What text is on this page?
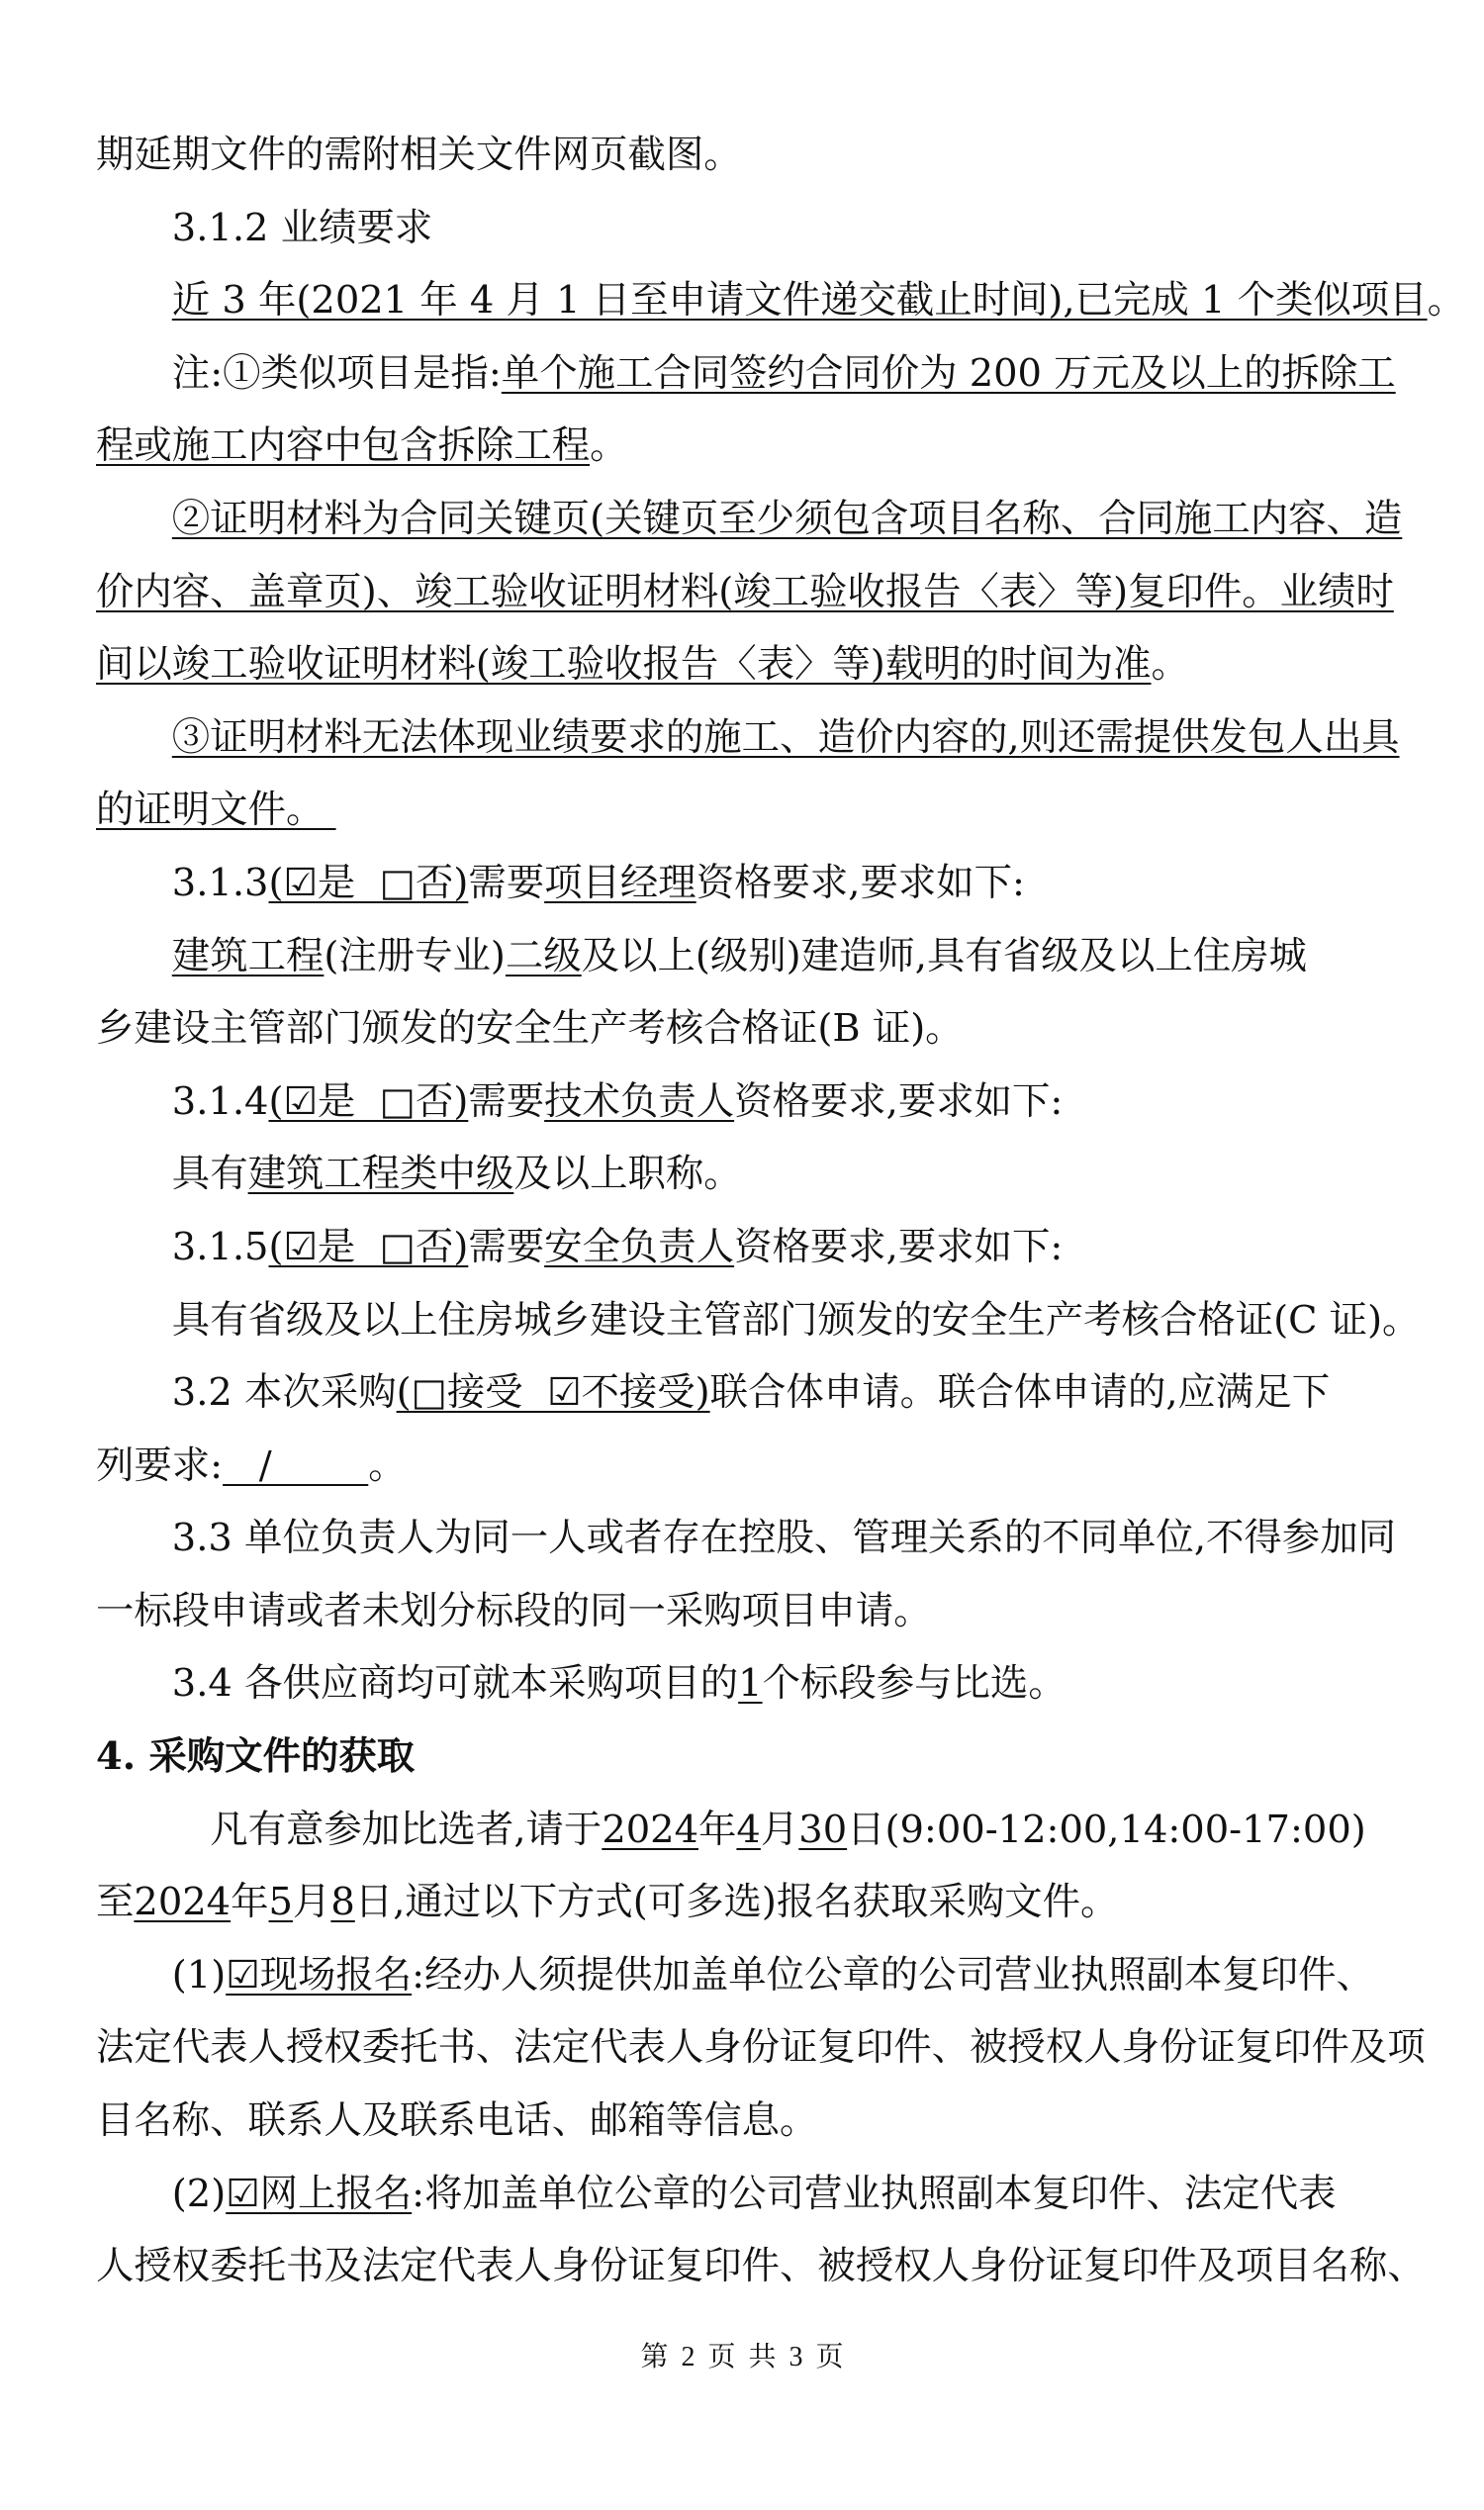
期延期文件的需附相关文件网页截图。
3.1.2 业绩要求
近 3 年(2021 年 4 月 1 日至申请文件递交截止时间),已完成 1 个类似项目。
注:①类似项目是指:单个施工合同签约合同价为 200 万元及以上的拆除工
程或施工内容中包含拆除工程。
②证明材料为合同关键页(关键页至少须包含项目名称、合同施工内容、造
价内容、盖章页)、竣工验收证明材料(竣工验收报告〈表〉等)复印件。业绩时
间以竣工验收证明材料(竣工验收报告〈表〉等)载明的时间为准。
③证明材料无法体现业绩要求的施工、造价内容的,则还需提供发包人出具
的证明文件。
3.1.3(☑是  □否)需要项目经理资格要求,要求如下:
建筑工程(注册专业)二级及以上(级别)建造师,具有省级及以上住房城
乡建设主管部门颁发的安全生产考核合格证(B 证)。
3.1.4(☑是  □否)需要技术负责人资格要求,要求如下:
具有建筑工程类中级及以上职称。
3.1.5(☑是  □否)需要安全负责人资格要求,要求如下:
具有省级及以上住房城乡建设主管部门颁发的安全生产考核合格证(C 证)。
3.2 本次采购(□接受  ☑不接受)联合体申请。联合体申请的,应满足下
列要求:   /        。
3.3 单位负责人为同一人或者存在控股、管理关系的不同单位,不得参加同
一标段申请或者未划分标段的同一采购项目申请。
3.4 各供应商均可就本采购项目的1个标段参与比选。
4. 采购文件的获取
凡有意参加比选者,请于2024年4月30日(9:00-12:00,14:00-17:00)
至2024年5月8日,通过以下方式(可多选)报名获取采购文件。
(1)☑现场报名:经办人须提供加盖单位公章的公司营业执照副本复印件、
法定代表人授权委托书、法定代表人身份证复印件、被授权人身份证复印件及项
目名称、联系人及联系电话、邮箱等信息。
(2)☑网上报名:将加盖单位公章的公司营业执照副本复印件、法定代表
人授权委托书及法定代表人身份证复印件、被授权人身份证复印件及项目名称、
第 2 页 共 3 页
